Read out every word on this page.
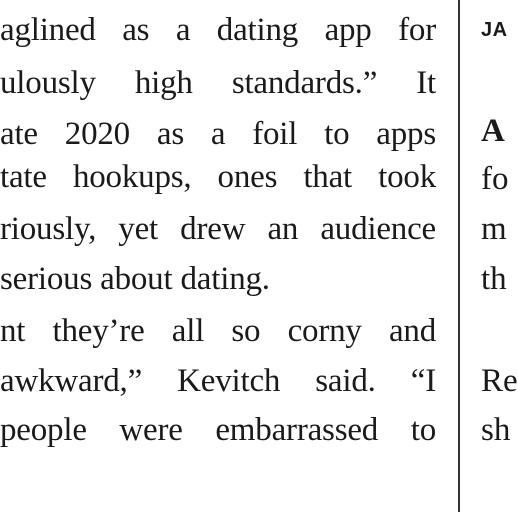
aglined as a dating app for
ulously high standards.” It
ate 2020 as a foil to apps
tate hookups, ones that took
riously, yet drew an audience
serious about dating.
nt they’re all so corny and
awkward,” Kevitch said. “I
people were embarrassed to
JA
A
fo
m
th
Re
sh
